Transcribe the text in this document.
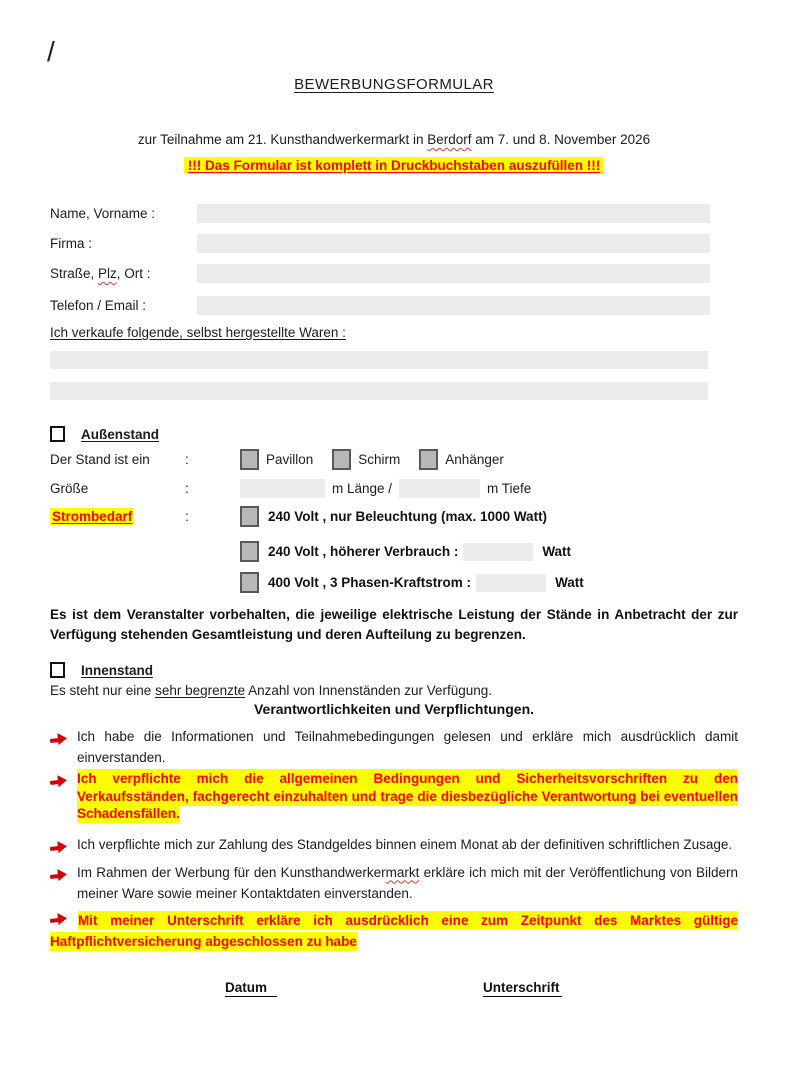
/
BEWERBUNGSFORMULAR
zur Teilnahme am 21. Kunsthandwerkermarkt in Berdorf am 7. und 8. November 2026
!!! Das Formular ist komplett in Druckbuchstaben auszufüllen !!!
Name, Vorname :
Firma :
Straße, Plz, Ort :
Telefon / Email :
Ich verkaufe folgende, selbst hergestellte Waren :
Außenstand
Der Stand ist ein	:	Pavillon	Schirm	Anhänger
Größe	:	m Länge /	m Tiefe
Strombedarf	:	240 Volt , nur Beleuchtung (max. 1000 Watt)
240 Volt , höherer Verbrauch :	Watt
400 Volt , 3 Phasen-Kraftstrom :	Watt
Es ist dem Veranstalter vorbehalten, die jeweilige elektrische Leistung der Stände in Anbetracht der zur Verfügung stehenden Gesamtleistung und deren Aufteilung zu begrenzen.
Innenstand
Es steht nur eine sehr begrenzte Anzahl von Innenständen zur Verfügung.
Verantwortlichkeiten und Verpflichtungen.
Ich habe die Informationen und Teilnahmebedingungen gelesen und erkläre mich ausdrücklich damit einverstanden.
Ich verpflichte mich die allgemeinen Bedingungen und Sicherheitsvorschriften zu den Verkaufsständen, fachgerecht einzuhalten und trage die diesbezügliche Verantwortung bei eventuellen Schadensfällen.
Ich verpflichte mich zur Zahlung des Standgeldes binnen einem Monat ab der definitiven schriftlichen Zusage.
Im Rahmen der Werbung für den Kunsthandwerkermarkt erkläre ich mich mit der Veröffentlichung von Bildern meiner Ware sowie meiner Kontaktdaten einverstanden.
Mit meiner Unterschrift erkläre ich ausdrücklich eine zum Zeitpunkt des Marktes gültige Haftpflichtversicherung abgeschlossen zu habe
Datum	Unterschrift
